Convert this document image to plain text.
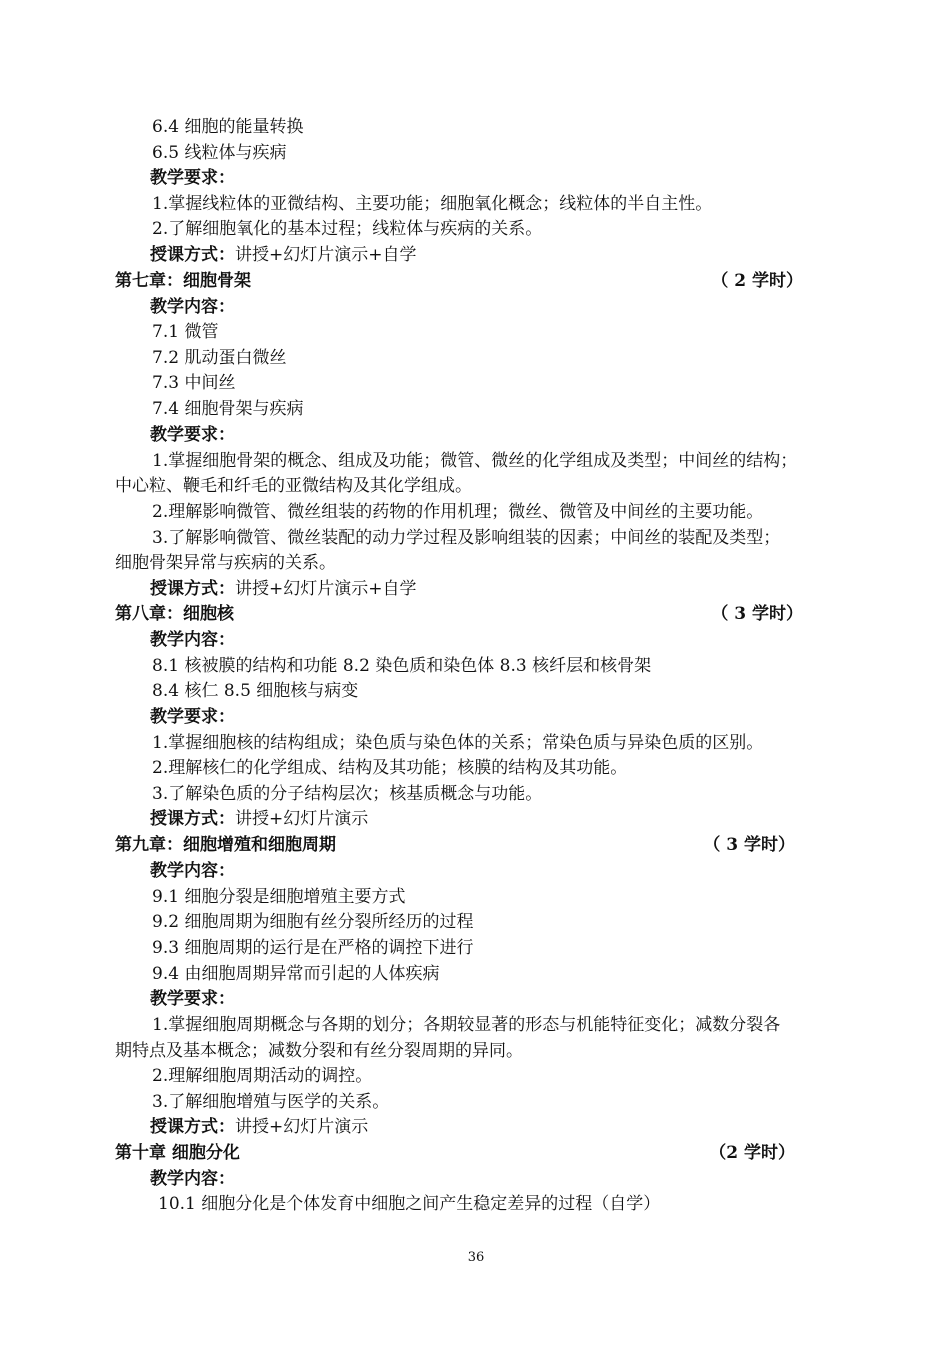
6.4 细胞的能量转换
6.5 线粒体与疾病
教学要求：
1.掌握线粒体的亚微结构、主要功能；细胞氧化概念；线粒体的半自主性。
2.了解细胞氧化的基本过程；线粒体与疾病的关系。
授课方式：讲授+幻灯片演示+自学
第七章：细胞骨架	（ 2 学时）
教学内容：
7.1 微管
7.2 肌动蛋白微丝
7.3 中间丝
7.4 细胞骨架与疾病
教学要求：
1.掌握细胞骨架的概念、组成及功能；微管、微丝的化学组成及类型；中间丝的结构；
中心粒、鞭毛和纤毛的亚微结构及其化学组成。
2.理解影响微管、微丝组装的药物的作用机理；微丝、微管及中间丝的主要功能。
3.了解影响微管、微丝装配的动力学过程及影响组装的因素；中间丝的装配及类型；
细胞骨架异常与疾病的关系。
授课方式：讲授+幻灯片演示+自学
第八章：细胞核	（ 3 学时）
教学内容：
8.1 核被膜的结构和功能 8.2 染色质和染色体 8.3 核纤层和核骨架
8.4 核仁 8.5 细胞核与病变
教学要求：
1.掌握细胞核的结构组成；染色质与染色体的关系；常染色质与异染色质的区别。
2.理解核仁的化学组成、结构及其功能；核膜的结构及其功能。
3.了解染色质的分子结构层次；核基质概念与功能。
授课方式：讲授+幻灯片演示
第九章：细胞增殖和细胞周期	（ 3 学时）
教学内容：
9.1 细胞分裂是细胞增殖主要方式
9.2 细胞周期为细胞有丝分裂所经历的过程
9.3 细胞周期的运行是在严格的调控下进行
9.4 由细胞周期异常而引起的人体疾病
教学要求：
1.掌握细胞周期概念与各期的划分；各期较显著的形态与机能特征变化；减数分裂各
期特点及基本概念；减数分裂和有丝分裂周期的异同。
2.理解细胞周期活动的调控。
3.了解细胞增殖与医学的关系。
授课方式：讲授+幻灯片演示
第十章 细胞分化	（2 学时）
教学内容：
10.1 细胞分化是个体发育中细胞之间产生稳定差异的过程（自学）
36
